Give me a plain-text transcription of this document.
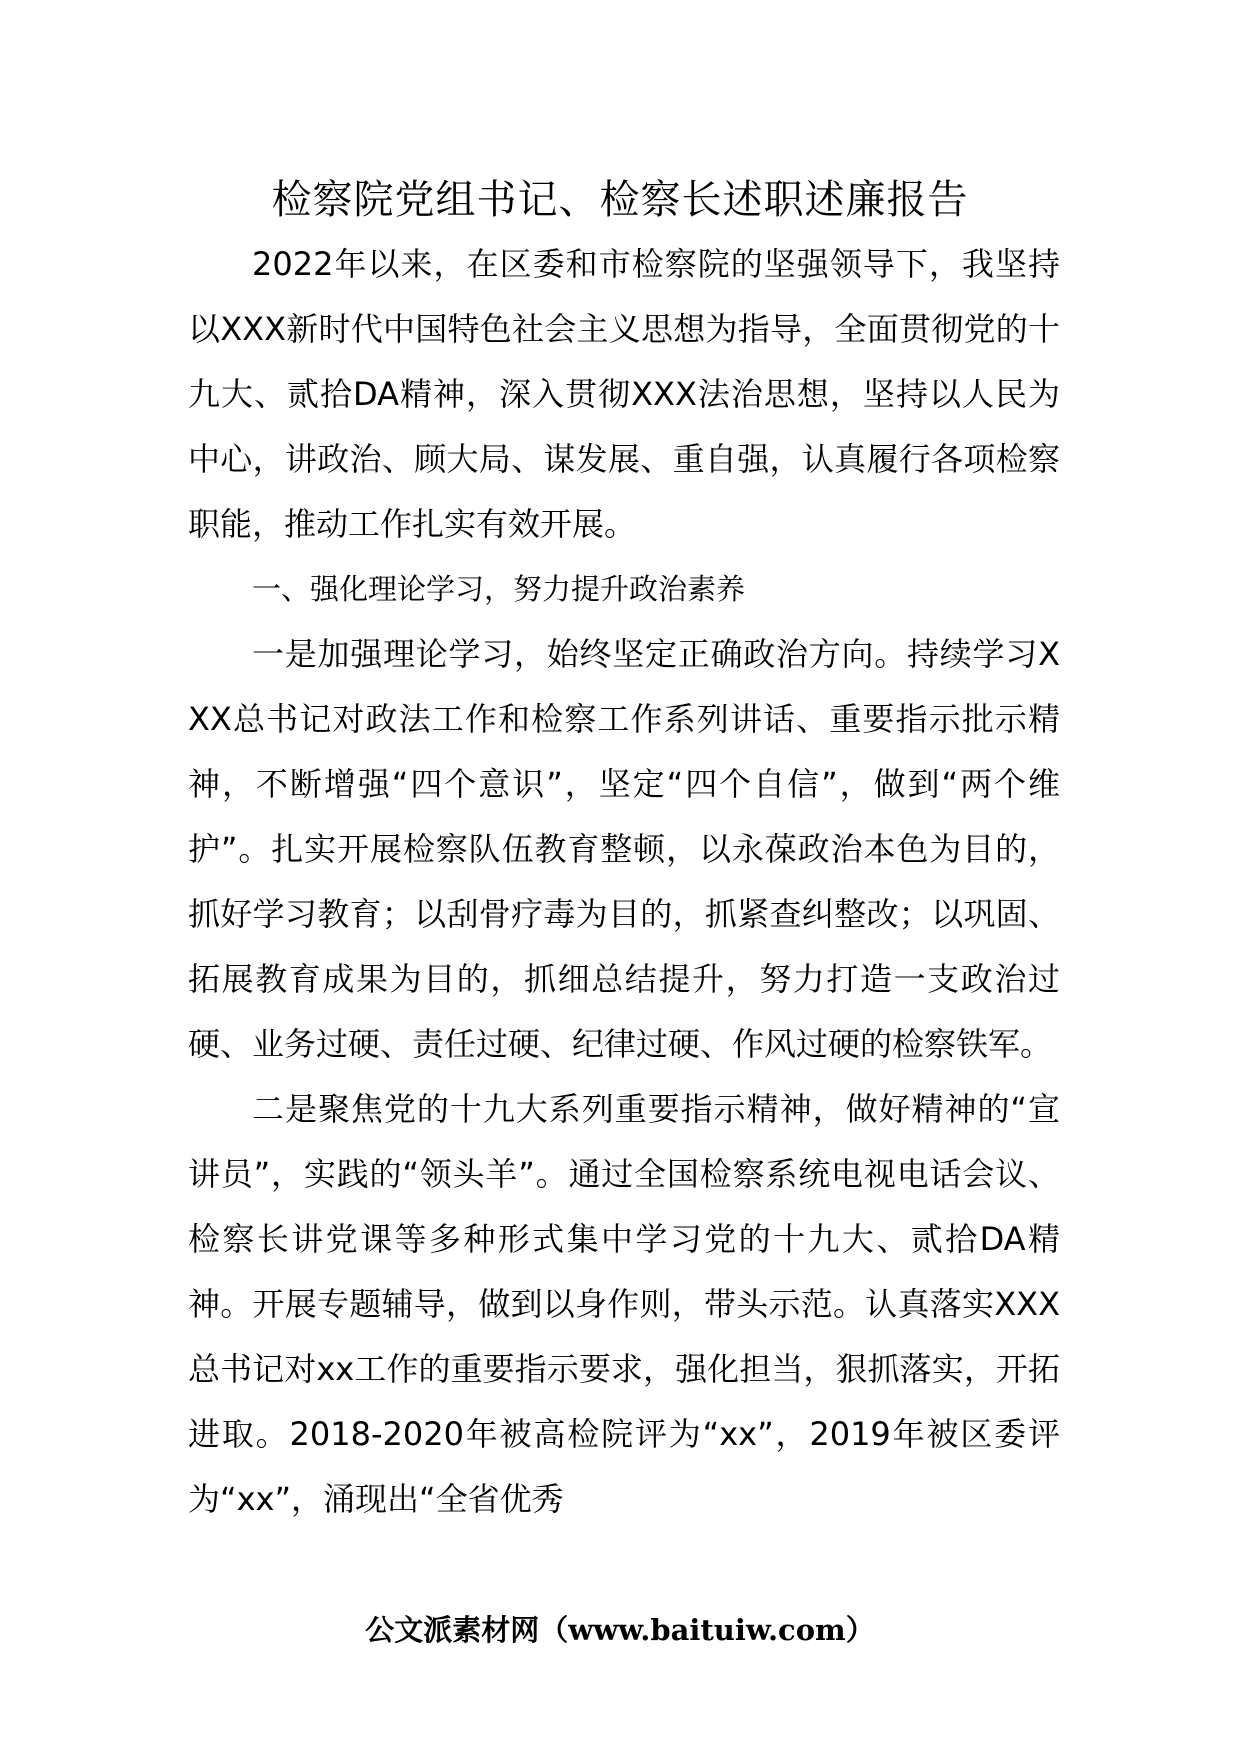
检察院党组书记、检察长述职述廉报告

2022年以来，在区委和市检察院的坚强领导下，我坚持以XXX新时代中国特色社会主义思想为指导，全面贯彻党的十九大、贰拾DA精神，深入贯彻XXX法治思想，坚持以人民为中心，讲政治、顾大局、谋发展、重自强，认真履行各项检察职能，推动工作扎实有效开展。

一、强化理论学习，努力提升政治素养

一是加强理论学习，始终坚定正确政治方向。持续学习XXX总书记对政法工作和检察工作系列讲话、重要指示批示精神，不断增强“四个意识”，坚定“四个自信”，做到“两个维护”。扎实开展检察队伍教育整顿，以永葆政治本色为目的，抓好学习教育；以刮骨疗毒为目的，抓紧查纠整改；以巩固、拓展教育成果为目的，抓细总结提升，努力打造一支政治过硬、业务过硬、责任过硬、纪律过硬、作风过硬的检察铁军。

二是聚焦党的十九大系列重要指示精神，做好精神的“宣讲员”，实践的“领头羊”。通过全国检察系统电视电话会议、检察长讲党课等多种形式集中学习党的十九大、贰拾DA精神。开展专题辅导，做到以身作则，带头示范。认真落实XXX总书记对xx工作的重要指示要求，强化担当，狠抓落实，开拓进取。2018-2020年被高检院评为“xx”，2019年被区委评为“xx”，涌现出“全省优秀

公文派素材网（www.baituiw.com）
